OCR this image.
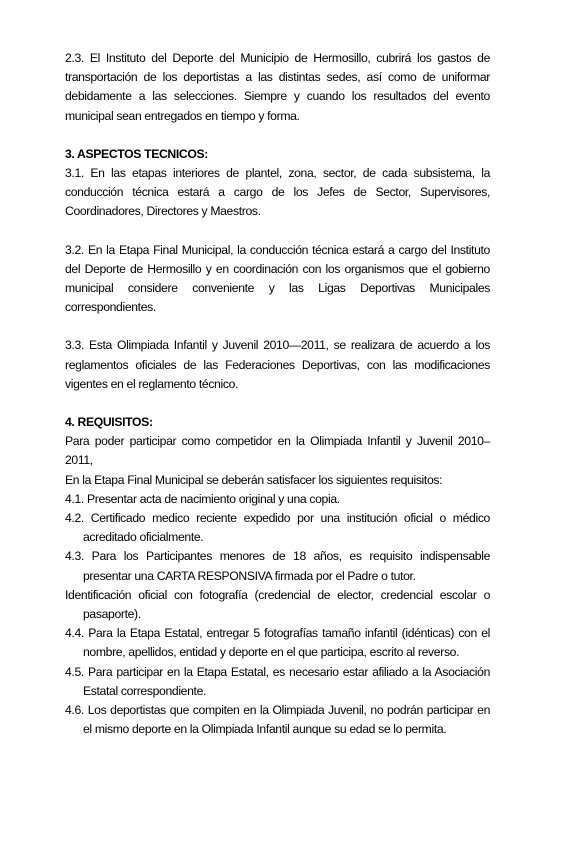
2.3. El Instituto del Deporte del Municipio de Hermosillo, cubrirá los gastos de transportación de los deportistas a las distintas sedes, así como de uniformar debidamente a las selecciones. Siempre y cuando los resultados del evento municipal sean entregados en tiempo y forma.

3. ASPECTOS TECNICOS:

3.1. En las etapas interiores de plantel, zona, sector, de cada subsistema, la conducción técnica estará a cargo de los Jefes de Sector, Supervisores, Coordinadores, Directores y Maestros.

3.2. En la Etapa Final Municipal, la conducción técnica estará a cargo del Instituto del Deporte de Hermosillo y en coordinación con los organismos que el gobierno municipal considere conveniente y las Ligas Deportivas Municipales correspondientes.

3.3. Esta Olimpiada Infantil y Juvenil 2010—2011, se realizara de acuerdo a los reglamentos oficiales de las Federaciones Deportivas, con las modificaciones vigentes en el reglamento técnico.

4. REQUISITOS:

Para poder participar como competidor en la Olimpiada Infantil y Juvenil 2010– 2011,

En la Etapa Final Municipal se deberán satisfacer los siguientes requisitos:

4.1. Presentar acta de nacimiento original y una copia.

4.2. Certificado medico reciente expedido por una institución oficial o médico acreditado oficialmente.

4.3. Para los Participantes menores de 18 años, es requisito indispensable presentar una CARTA RESPONSIVA firmada por el Padre o tutor.

Identificación oficial con fotografía (credencial de elector, credencial escolar o pasaporte).

4.4. Para la Etapa Estatal, entregar 5 fotografías tamaño infantil (idénticas) con el nombre, apellidos, entidad y deporte en el que participa, escrito al reverso.

4.5. Para participar en la Etapa Estatal, es necesario estar afiliado a la Asociación Estatal correspondiente.

4.6. Los deportistas que compiten en la Olimpiada Juvenil, no podrán participar en el mismo deporte en la Olimpiada Infantil aunque su edad se lo permita.
